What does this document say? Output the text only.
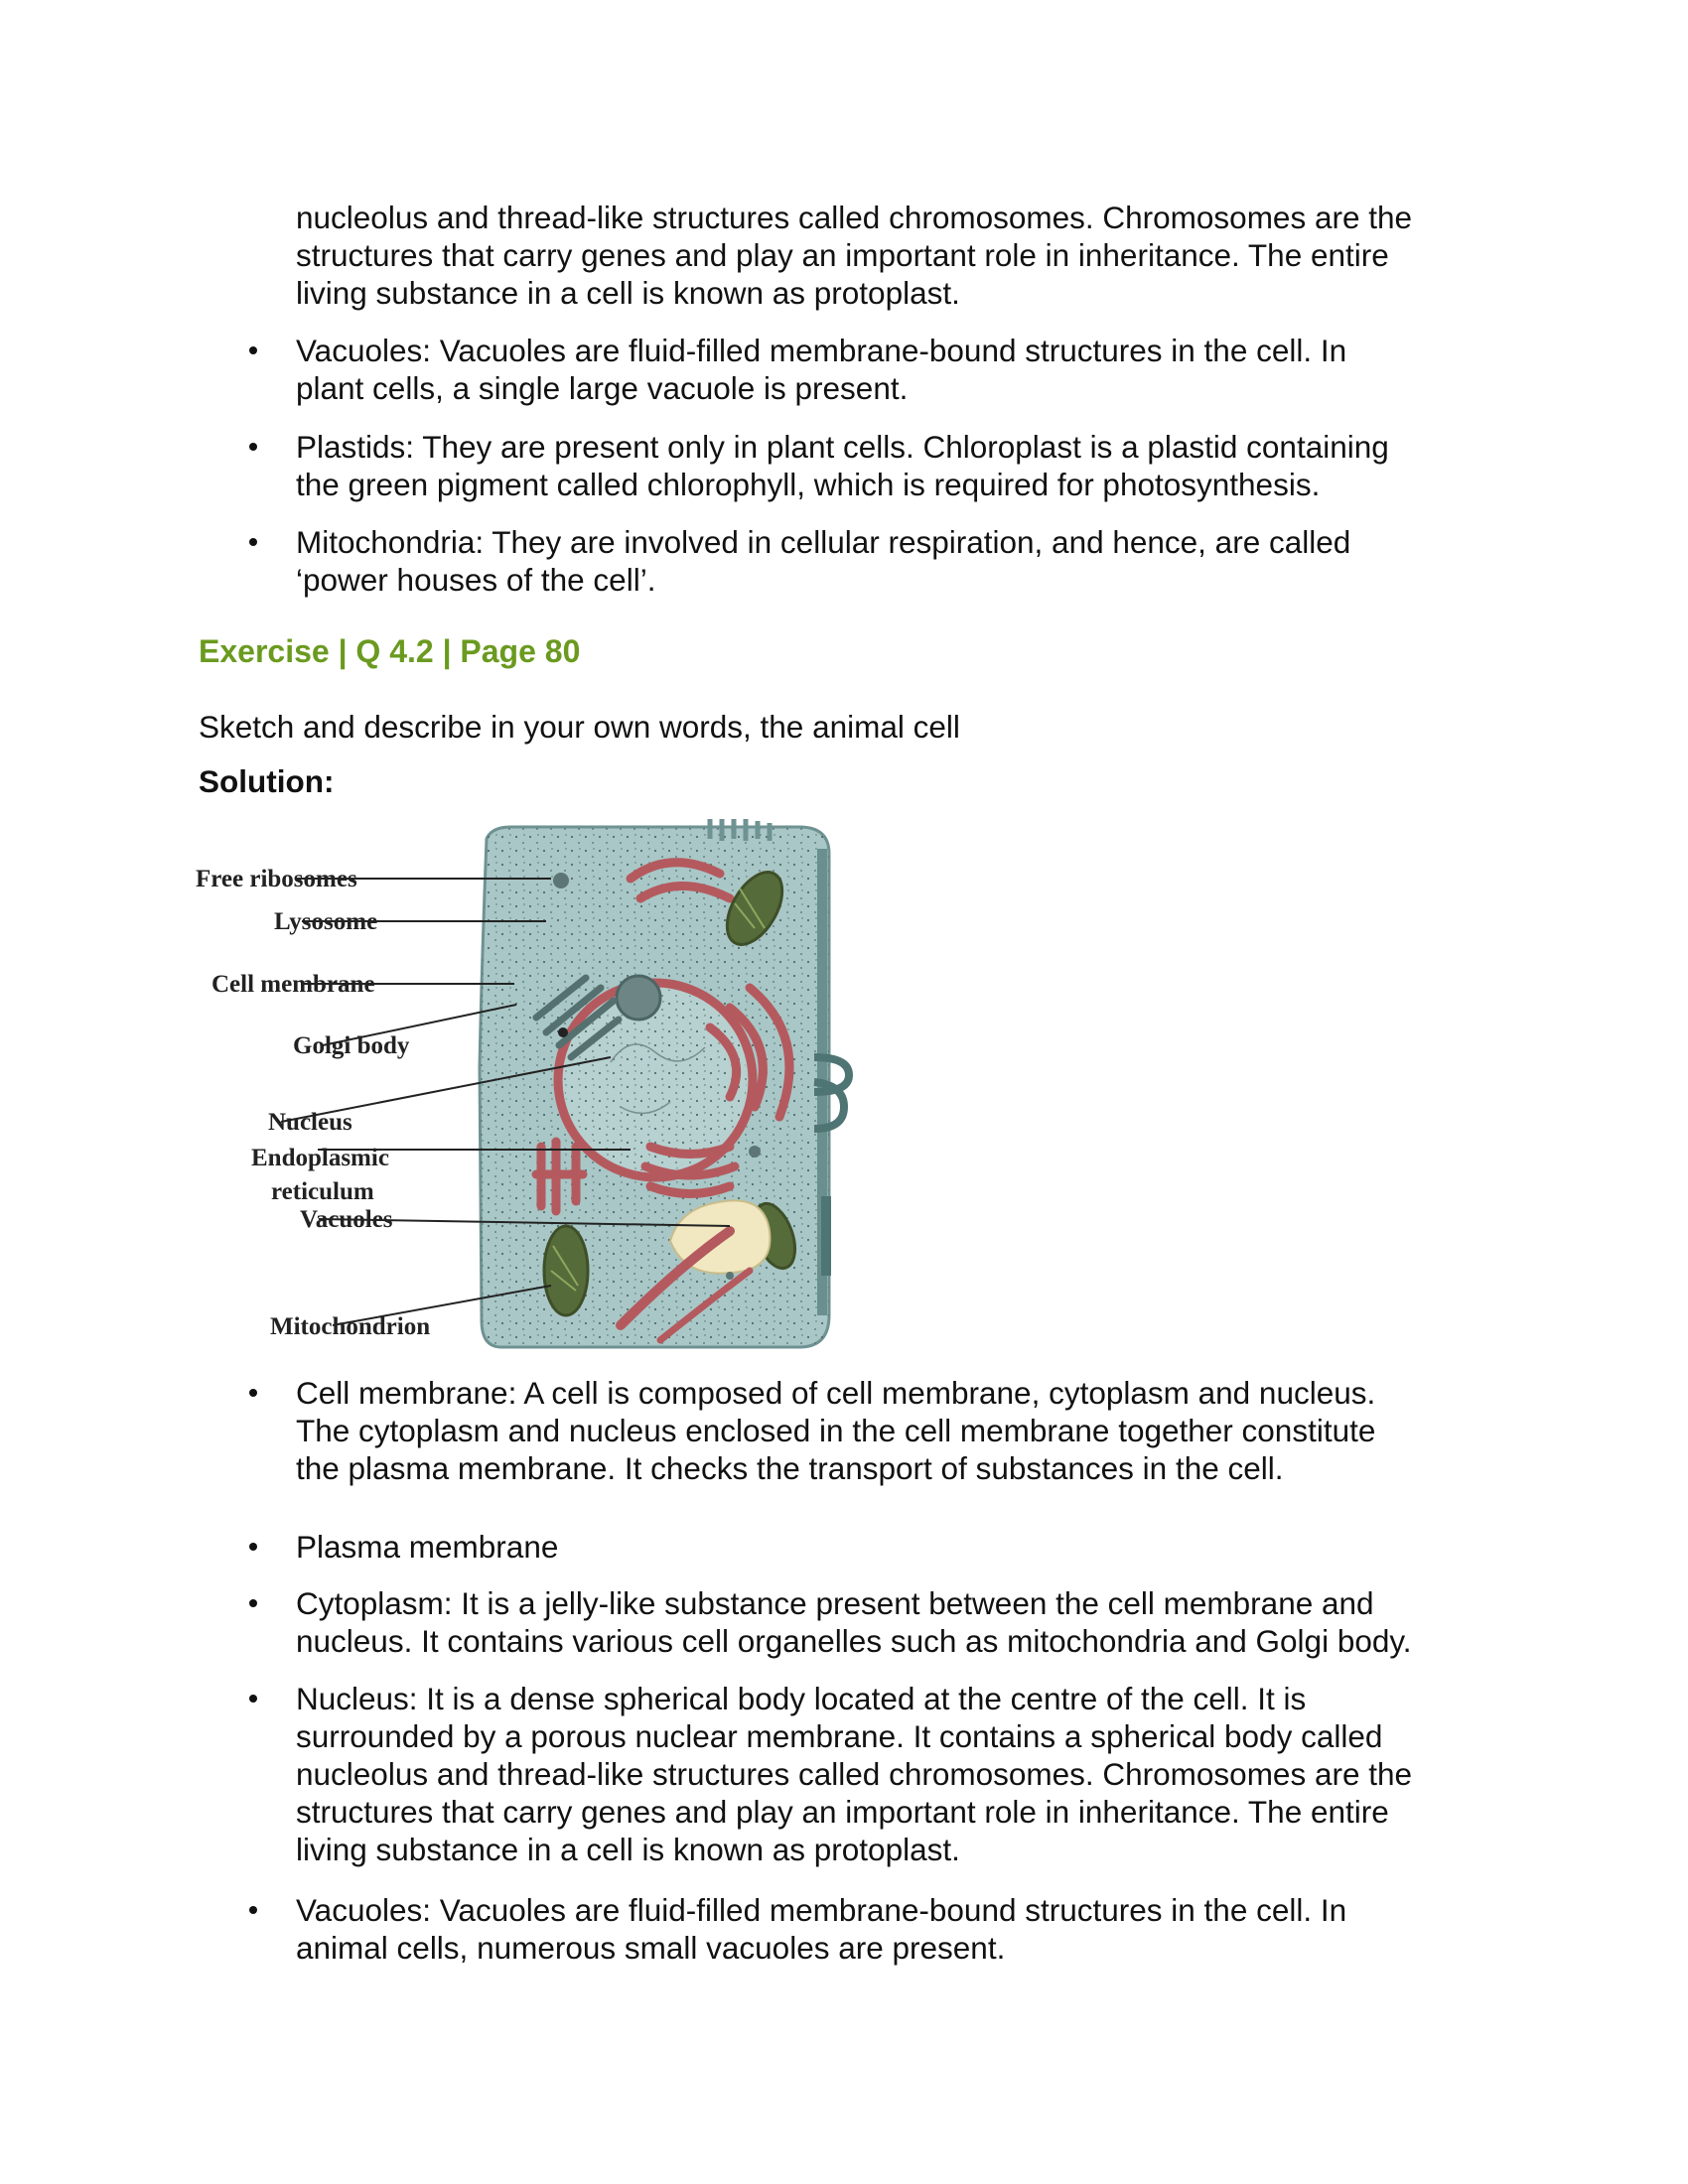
nucleolus and thread-like structures called chromosomes. Chromosomes are the
structures that carry genes and play an important role in inheritance. The entire
living substance in a cell is known as protoplast.
Vacuoles: Vacuoles are fluid-filled membrane-bound structures in the cell. In
plant cells, a single large vacuole is present.
Plastids: They are present only in plant cells. Chloroplast is a plastid containing
the green pigment called chlorophyll, which is required for photosynthesis.
Mitochondria: They are involved in cellular respiration, and hence, are called
‘power houses of the cell’.
Exercise | Q 4.2 | Page 80
Sketch and describe in your own words, the animal cell
Solution:
Free ribosomes
Lysosome
Cell membrane
Golgi body
Nucleus
Endoplasmic
reticulum
Vacuoles
Mitochondrion
Cell membrane: A cell is composed of cell membrane, cytoplasm and nucleus.
The cytoplasm and nucleus enclosed in the cell membrane together constitute
the plasma membrane. It checks the transport of substances in the cell.
Plasma membrane
Cytoplasm: It is a jelly-like substance present between the cell membrane and
nucleus. It contains various cell organelles such as mitochondria and Golgi body.
Nucleus: It is a dense spherical body located at the centre of the cell. It is
surrounded by a porous nuclear membrane. It contains a spherical body called
nucleolus and thread-like structures called chromosomes. Chromosomes are the
structures that carry genes and play an important role in inheritance. The entire
living substance in a cell is known as protoplast.
Vacuoles: Vacuoles are fluid-filled membrane-bound structures in the cell. In
animal cells, numerous small vacuoles are present.
